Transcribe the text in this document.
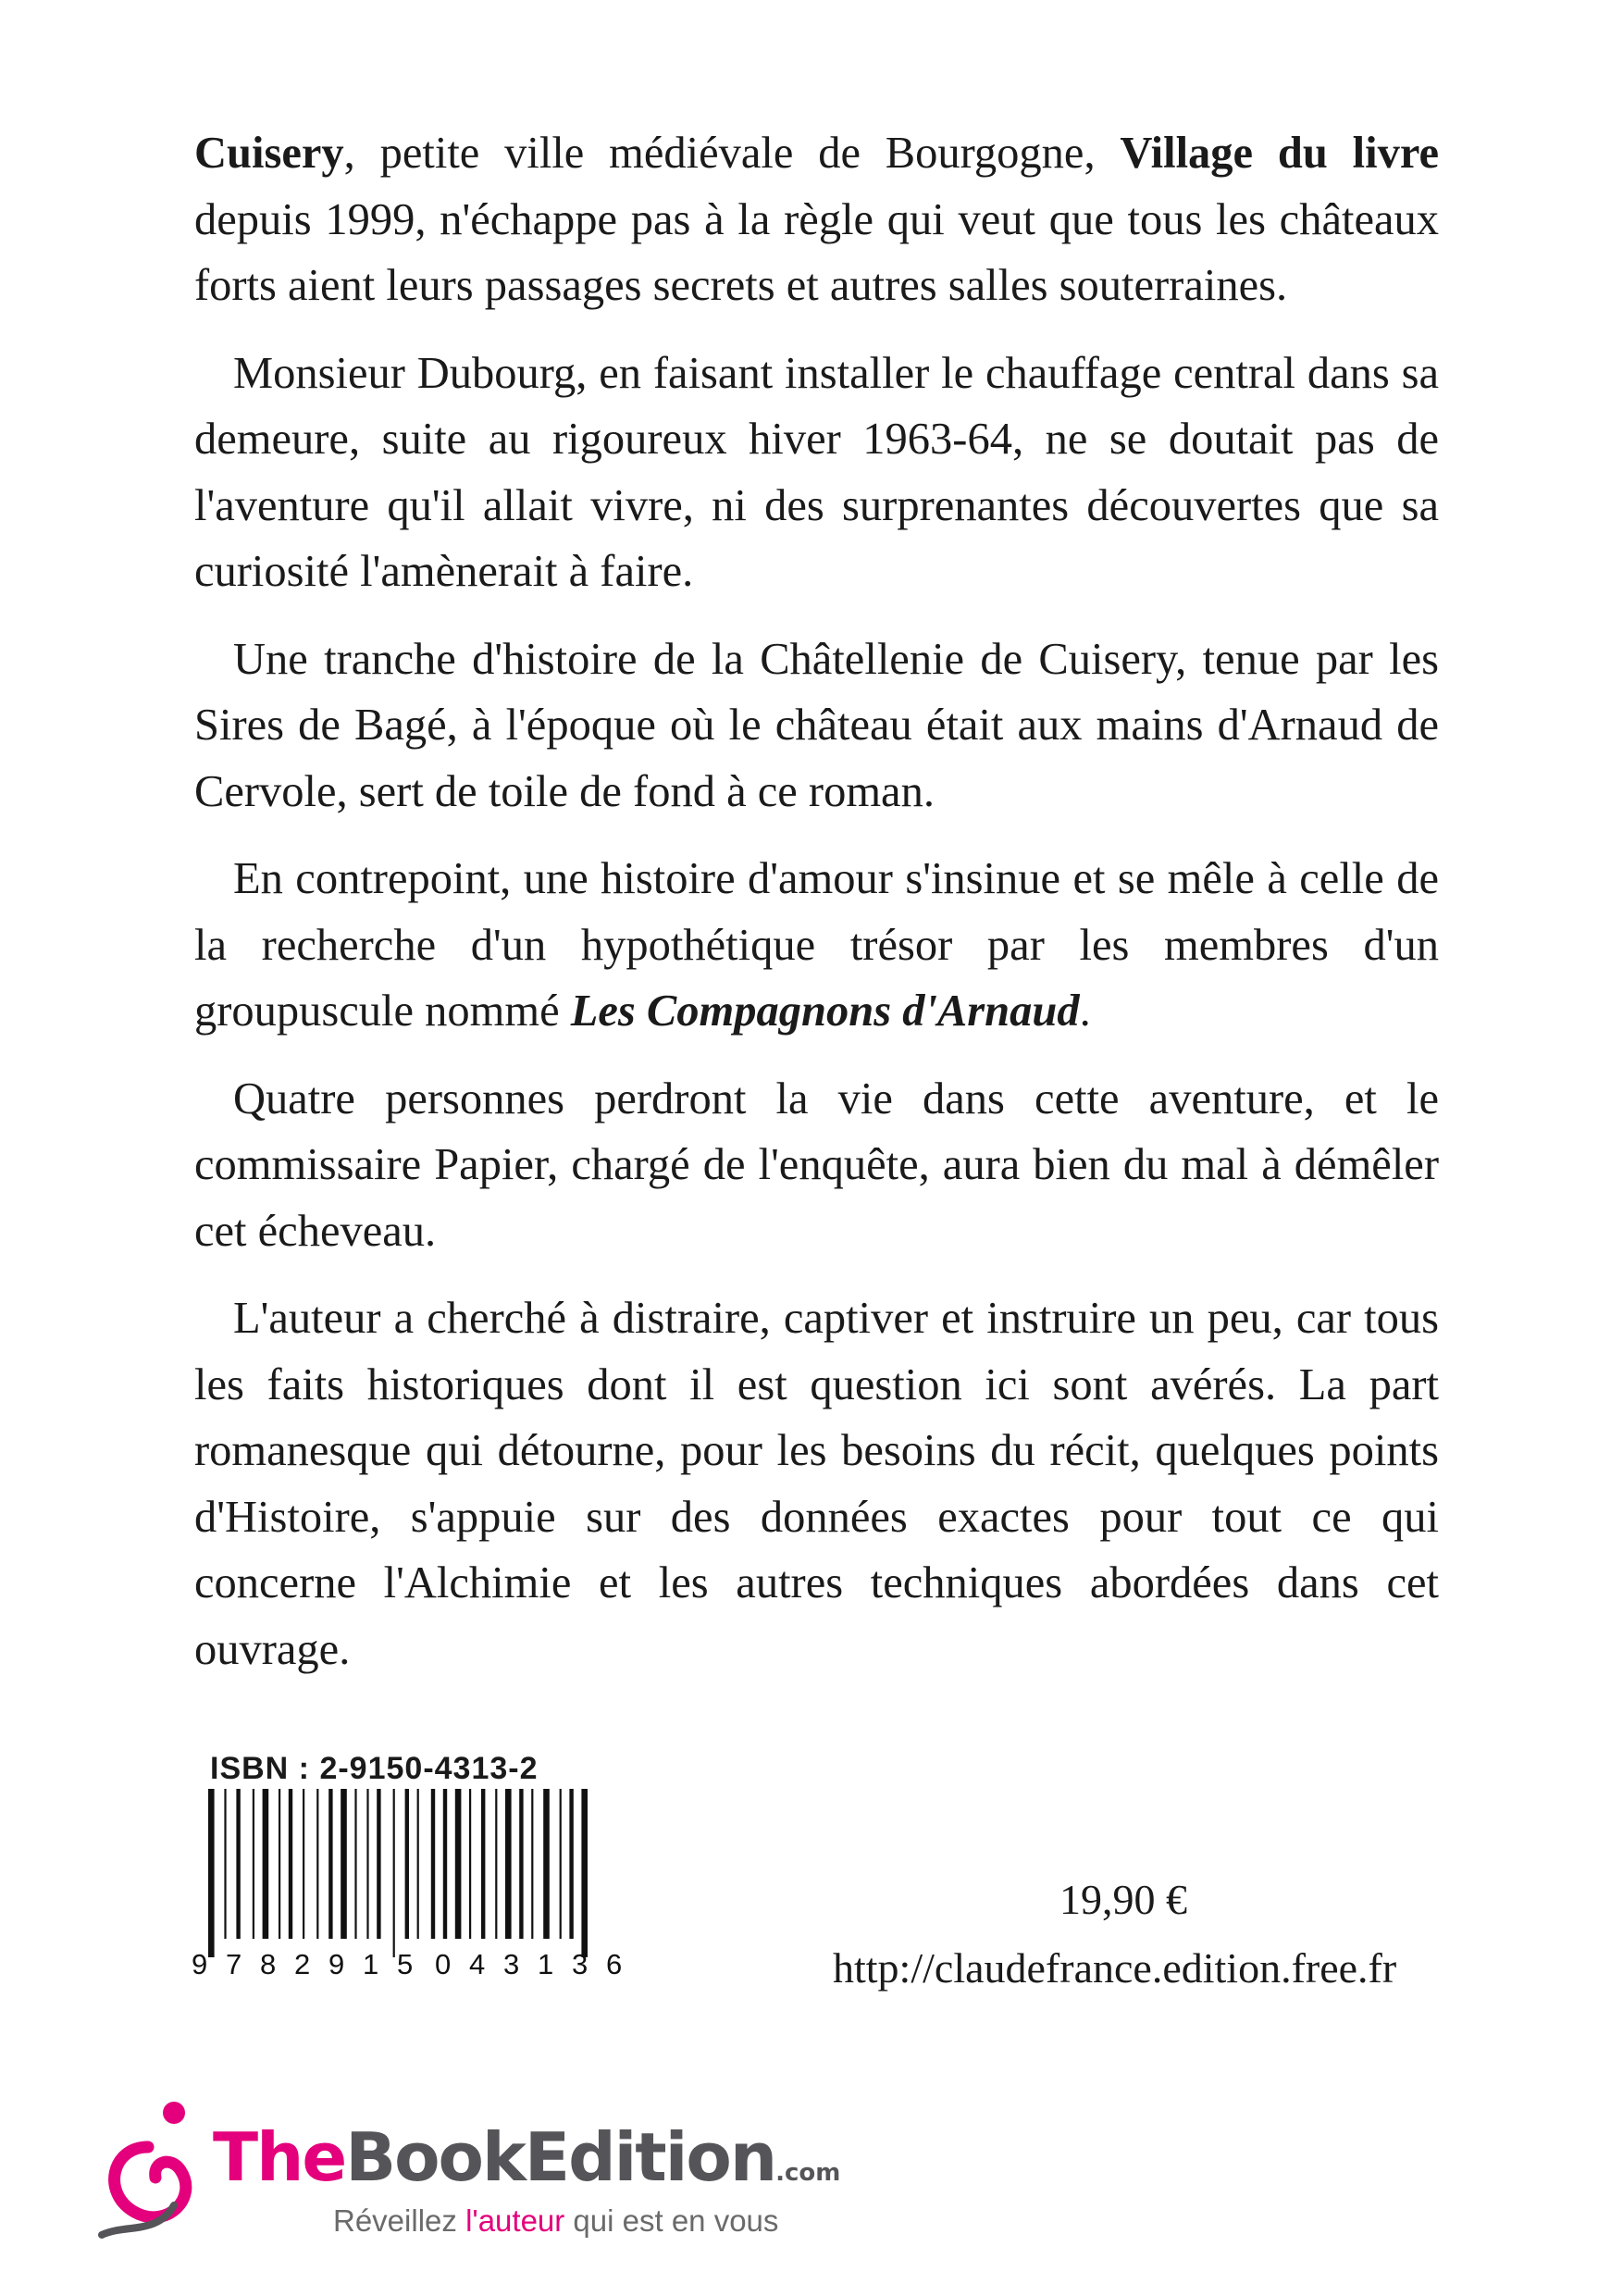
Cuisery, petite ville médiévale de Bourgogne, Village du livre depuis 1999, n'échappe pas à la règle qui veut que tous les châteaux forts aient leurs passages secrets et autres salles souterraines.

Monsieur Dubourg, en faisant installer le chauffage central dans sa demeure, suite au rigoureux hiver 1963-64, ne se doutait pas de l'aventure qu'il allait vivre, ni des surprenantes découvertes que sa curiosité l'amènerait à faire.

Une tranche d'histoire de la Châtellenie de Cuisery, tenue par les Sires de Bagé, à l'époque où le château était aux mains d'Arnaud de Cervole, sert de toile de fond à ce roman.

En contrepoint, une histoire d'amour s'insinue et se mêle à celle de la recherche d'un hypothétique trésor par les membres d'un groupuscule nommé Les Compagnons d'Arnaud.

Quatre personnes perdront la vie dans cette aventure, et le commissaire Papier, chargé de l'enquête, aura bien du mal à démêler cet écheveau.

L'auteur a cherché à distraire, captiver et instruire un peu, car tous les faits historiques dont il est question ici sont avérés. La part romanesque qui détourne, pour les besoins du récit, quelques points d'Histoire, s'appuie sur des données exactes pour tout ce qui concerne l'Alchimie et les autres techniques abordées dans cet ouvrage.

ISBN : 2-9150-4313-2
9 7 8 2 9 1 5 0 4 3 1 3 6
19,90 €
http://claudefrance.edition.free.fr
TheBookEdition.com
Réveillez l'auteur qui est en vous
